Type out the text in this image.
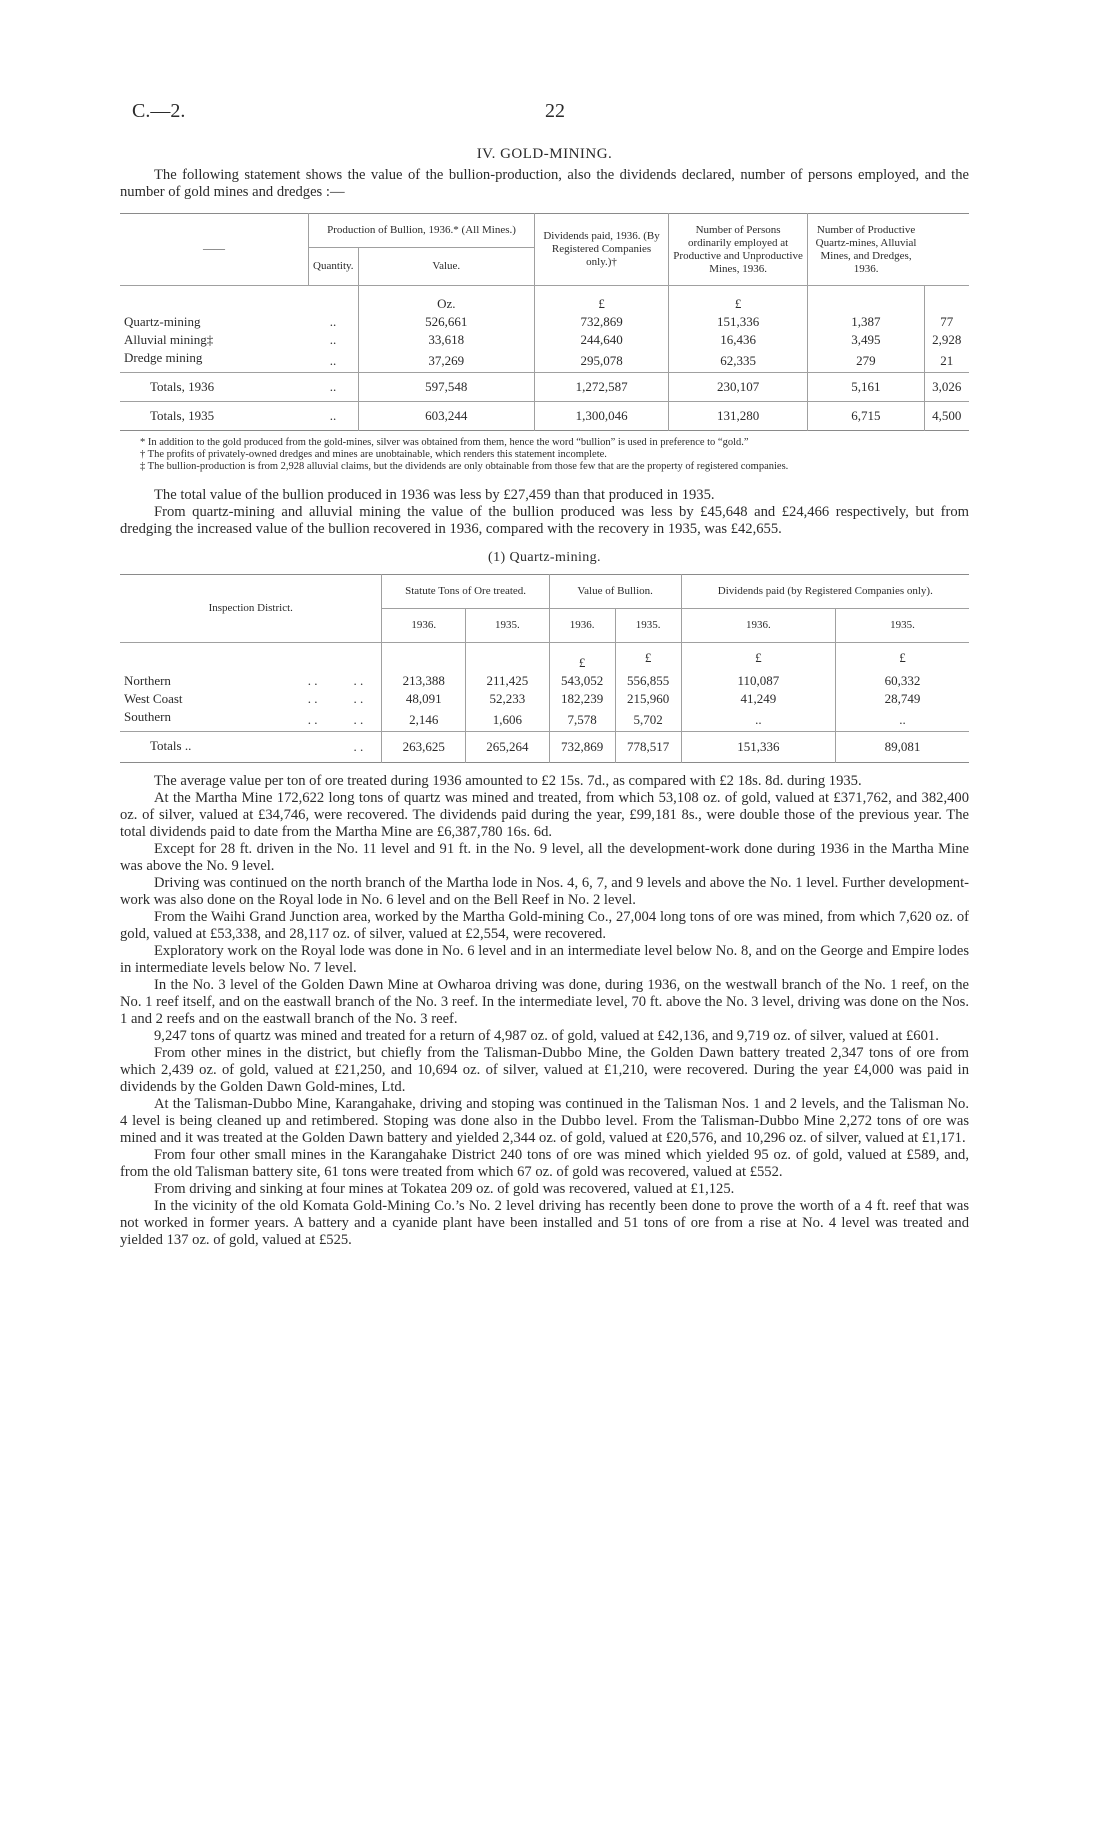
C.—2.	22
IV. GOLD-MINING.

The following statement shows the value of the bullion-production, also the dividends declared, number of persons employed, and the number of gold mines and dredges :—

——	Production of Bullion, 1936.* (All Mines.)		Dividends paid, 1936. (By Registered Companies only.)†	Number of Persons ordinarily employed at Productive and Unproductive Mines, 1936.	Number of Productive Quartz-mines, Alluvial Mines, and Dredges, 1936.	
	Quantity.	Value.				
		Oz.	£	£		
Quartz-mining	..	526,661	732,869	151,336	1,387	77
Alluvial mining‡	..	33,618	244,640	16,436	3,495	2,928
Dredge mining	..	37,269	295,078	62,335	279	21
Totals, 1936	..	597,548	1,272,587	230,107	5,161	3,026
Totals, 1935	..	603,244	1,300,046	131,280	6,715	4,500
* In addition to the gold produced from the gold-mines, silver was obtained from them, hence the word “bullion” is used in preference to “gold.”
† The profits of privately-owned dredges and mines are unobtainable, which renders this statement incomplete.
‡ The bullion-production is from 2,928 alluvial claims, but the dividends are only obtainable from those few that are the property of registered companies.

The total value of the bullion produced in 1936 was less by £27,459 than that produced in 1935.

From quartz-mining and alluvial mining the value of the bullion produced was less by £45,648 and £24,466 respectively, but from dredging the increased value of the bullion recovered in 1936, compared with the recovery in 1935, was £42,655.

(1) Quartz-mining.
Inspection District.			Statute Tons of Ore treated.		Value of Bullion.		Dividends paid (by Registered Companies only).	
			1936.	1935.	1936.	1935.	1936.	1935.
					£	£	£	£
Northern	. .	. .	213,388	211,425	543,052	556,855	110,087	60,332
West Coast	. .	. .	48,091	52,233	182,239	215,960	41,249	28,749
Southern	. .	. .	2,146	1,606	7,578	5,702	..	..
Totals ..		. .	263,625	265,264	732,869	778,517	151,336	89,081

The average value per ton of ore treated during 1936 amounted to £2 15s. 7d., as compared with £2 18s. 8d. during 1935.

At the Martha Mine 172,622 long tons of quartz was mined and treated, from which 53,108 oz. of gold, valued at £371,762, and 382,400 oz. of silver, valued at £34,746, were recovered. The dividends paid during the year, £99,181 8s., were double those of the previous year. The total dividends paid to date from the Martha Mine are £6,387,780 16s. 6d.

Except for 28 ft. driven in the No. 11 level and 91 ft. in the No. 9 level, all the development-work done during 1936 in the Martha Mine was above the No. 9 level.

Driving was continued on the north branch of the Martha lode in Nos. 4, 6, 7, and 9 levels and above the No. 1 level. Further development-work was also done on the Royal lode in No. 6 level and on the Bell Reef in No. 2 level.

From the Waihi Grand Junction area, worked by the Martha Gold-mining Co., 27,004 long tons of ore was mined, from which 7,620 oz. of gold, valued at £53,338, and 28,117 oz. of silver, valued at £2,554, were recovered.

Exploratory work on the Royal lode was done in No. 6 level and in an intermediate level below No. 8, and on the George and Empire lodes in intermediate levels below No. 7 level.

In the No. 3 level of the Golden Dawn Mine at Owharoa driving was done, during 1936, on the westwall branch of the No. 1 reef, on the No. 1 reef itself, and on the eastwall branch of the No. 3 reef. In the intermediate level, 70 ft. above the No. 3 level, driving was done on the Nos. 1 and 2 reefs and on the eastwall branch of the No. 3 reef.

9,247 tons of quartz was mined and treated for a return of 4,987 oz. of gold, valued at £42,136, and 9,719 oz. of silver, valued at £601.

From other mines in the district, but chiefly from the Talisman-Dubbo Mine, the Golden Dawn battery treated 2,347 tons of ore from which 2,439 oz. of gold, valued at £21,250, and 10,694 oz. of silver, valued at £1,210, were recovered. During the year £4,000 was paid in dividends by the Golden Dawn Gold-mines, Ltd.

At the Talisman-Dubbo Mine, Karangahake, driving and stoping was continued in the Talisman Nos. 1 and 2 levels, and the Talisman No. 4 level is being cleaned up and retimbered. Stoping was done also in the Dubbo level. From the Talisman-Dubbo Mine 2,272 tons of ore was mined and it was treated at the Golden Dawn battery and yielded 2,344 oz. of gold, valued at £20,576, and 10,296 oz. of silver, valued at £1,171.

From four other small mines in the Karangahake District 240 tons of ore was mined which yielded 95 oz. of gold, valued at £589, and, from the old Talisman battery site, 61 tons were treated from which 67 oz. of gold was recovered, valued at £552.

From driving and sinking at four mines at Tokatea 209 oz. of gold was recovered, valued at £1,125.

In the vicinity of the old Komata Gold-Mining Co.’s No. 2 level driving has recently been done to prove the worth of a 4 ft. reef that was not worked in former years. A battery and a cyanide plant have been installed and 51 tons of ore from a rise at No. 4 level was treated and yielded 137 oz. of gold, valued at £525.
